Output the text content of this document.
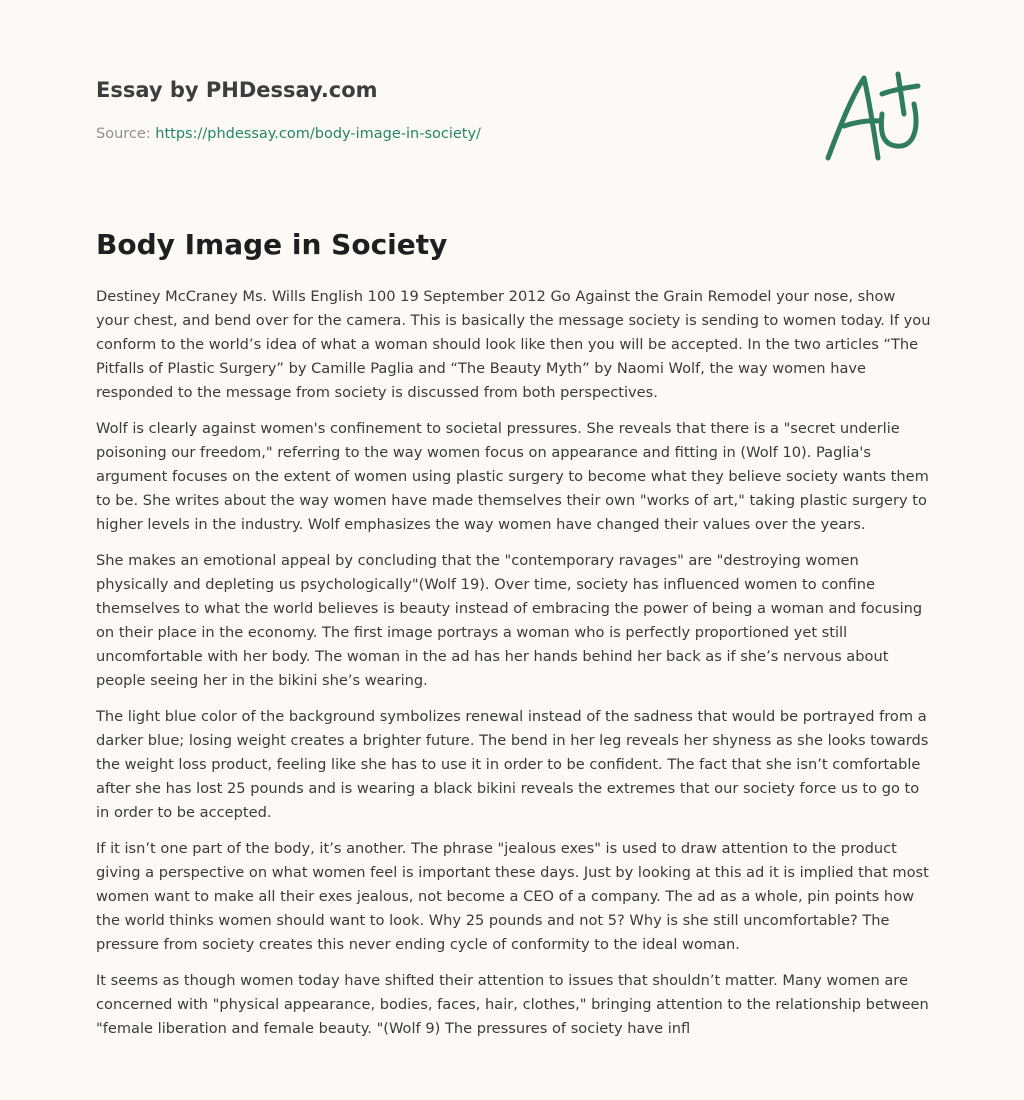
Essay by PHDessay.com
Source: https://phdessay.com/body-image-in-society/
Body Image in Society

Destiney McCraney Ms. Wills English 100 19 September 2012 Go Against the Grain Remodel your nose, show your chest, and bend over for the camera. This is basically the message society is sending to women today. If you conform to the world’s idea of what a woman should look like then you will be accepted. In the two articles “The Pitfalls of Plastic Surgery” by Camille Paglia and “The Beauty Myth” by Naomi Wolf, the way women have responded to the message from society is discussed from both perspectives.

Wolf is clearly against women's confinement to societal pressures. She reveals that there is a "secret underlie poisoning our freedom," referring to the way women focus on appearance and fitting in (Wolf 10). Paglia's argument focuses on the extent of women using plastic surgery to become what they believe society wants them to be. She writes about the way women have made themselves their own "works of art," taking plastic surgery to higher levels in the industry. Wolf emphasizes the way women have changed their values over the years.

She makes an emotional appeal by concluding that the "contemporary ravages" are "destroying women physically and depleting us psychologically"(Wolf 19). Over time, society has influenced women to confine themselves to what the world believes is beauty instead of embracing the power of being a woman and focusing on their place in the economy. The first image portrays a woman who is perfectly proportioned yet still uncomfortable with her body. The woman in the ad has her hands behind her back as if she’s nervous about people seeing her in the bikini she’s wearing.

The light blue color of the background symbolizes renewal instead of the sadness that would be portrayed from a darker blue; losing weight creates a brighter future. The bend in her leg reveals her shyness as she looks towards the weight loss product, feeling like she has to use it in order to be confident. The fact that she isn’t comfortable after she has lost 25 pounds and is wearing a black bikini reveals the extremes that our society force us to go to in order to be accepted.

If it isn’t one part of the body, it’s another. The phrase "jealous exes" is used to draw attention to the product giving a perspective on what women feel is important these days. Just by looking at this ad it is implied that most women want to make all their exes jealous, not become a CEO of a company. The ad as a whole, pin points how the world thinks women should want to look. Why 25 pounds and not 5? Why is she still uncomfortable? The pressure from society creates this never ending cycle of conformity to the ideal woman.

It seems as though women today have shifted their attention to issues that shouldn’t matter. Many women are concerned with "physical appearance, bodies, faces, hair, clothes," bringing attention to the relationship between "female liberation and female beauty. "(Wolf 9) The pressures of society have infl
